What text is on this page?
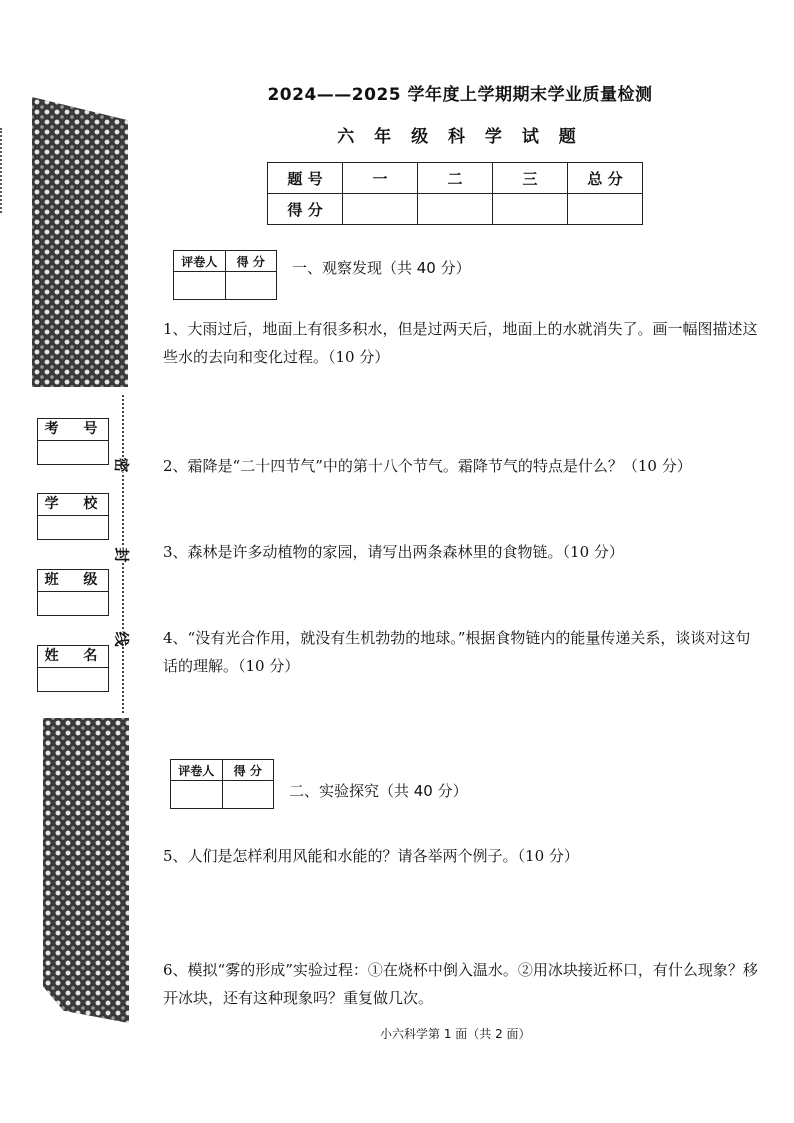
考 号
学 校
班 级
姓 名
密
封
线
2024——2025 学年度上学期期末学业质量检测
六 年 级 科 学 试 题
题 号	一	二	三	总 分
得 分				
评卷人	得 分
	一、观察发现（共 40 分）
1、大雨过后，地面上有很多积水，但是过两天后，地面上的水就消失了。画一幅图描述这些水的去向和变化过程。（10 分）
2、霜降是“二十四节气”中的第十八个节气。霜降节气的特点是什么？（10 分）
3、森林是许多动植物的家园，请写出两条森林里的食物链。（10 分）
4、“没有光合作用，就没有生机勃勃的地球。”根据食物链内的能量传递关系，谈谈对这句话的理解。（10 分）
评卷人	得 分

二、实验探究（共 40 分）
5、人们是怎样利用风能和水能的？请各举两个例子。（10 分）
6、模拟“雾的形成”实验过程：①在烧杯中倒入温水。②用冰块接近杯口，有什么现象？移开冰块，还有这种现象吗？重复做几次。
小六科学第 1 面（共 2 面）
